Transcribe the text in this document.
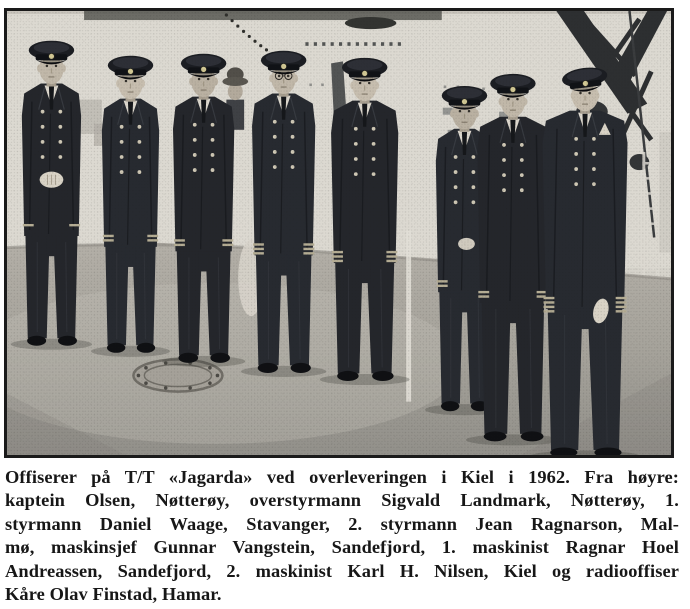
Offiserer på T/T «Jagarda» ved overleveringen i Kiel i 1962. Fra høyre:
kaptein Olsen, Nøtterøy, overstyrmann Sigvald Landmark, Nøtterøy, 1.
styrmann Daniel Waage, Stavanger, 2. styrmann Jean Ragnarson, Mal-
mø, maskinsjef Gunnar Vangstein, Sandefjord, 1. maskinist Ragnar Hoel
Andreassen, Sandefjord, 2. maskinist Karl H. Nilsen, Kiel og radiooffiser
Kåre Olav Finstad, Hamar.
